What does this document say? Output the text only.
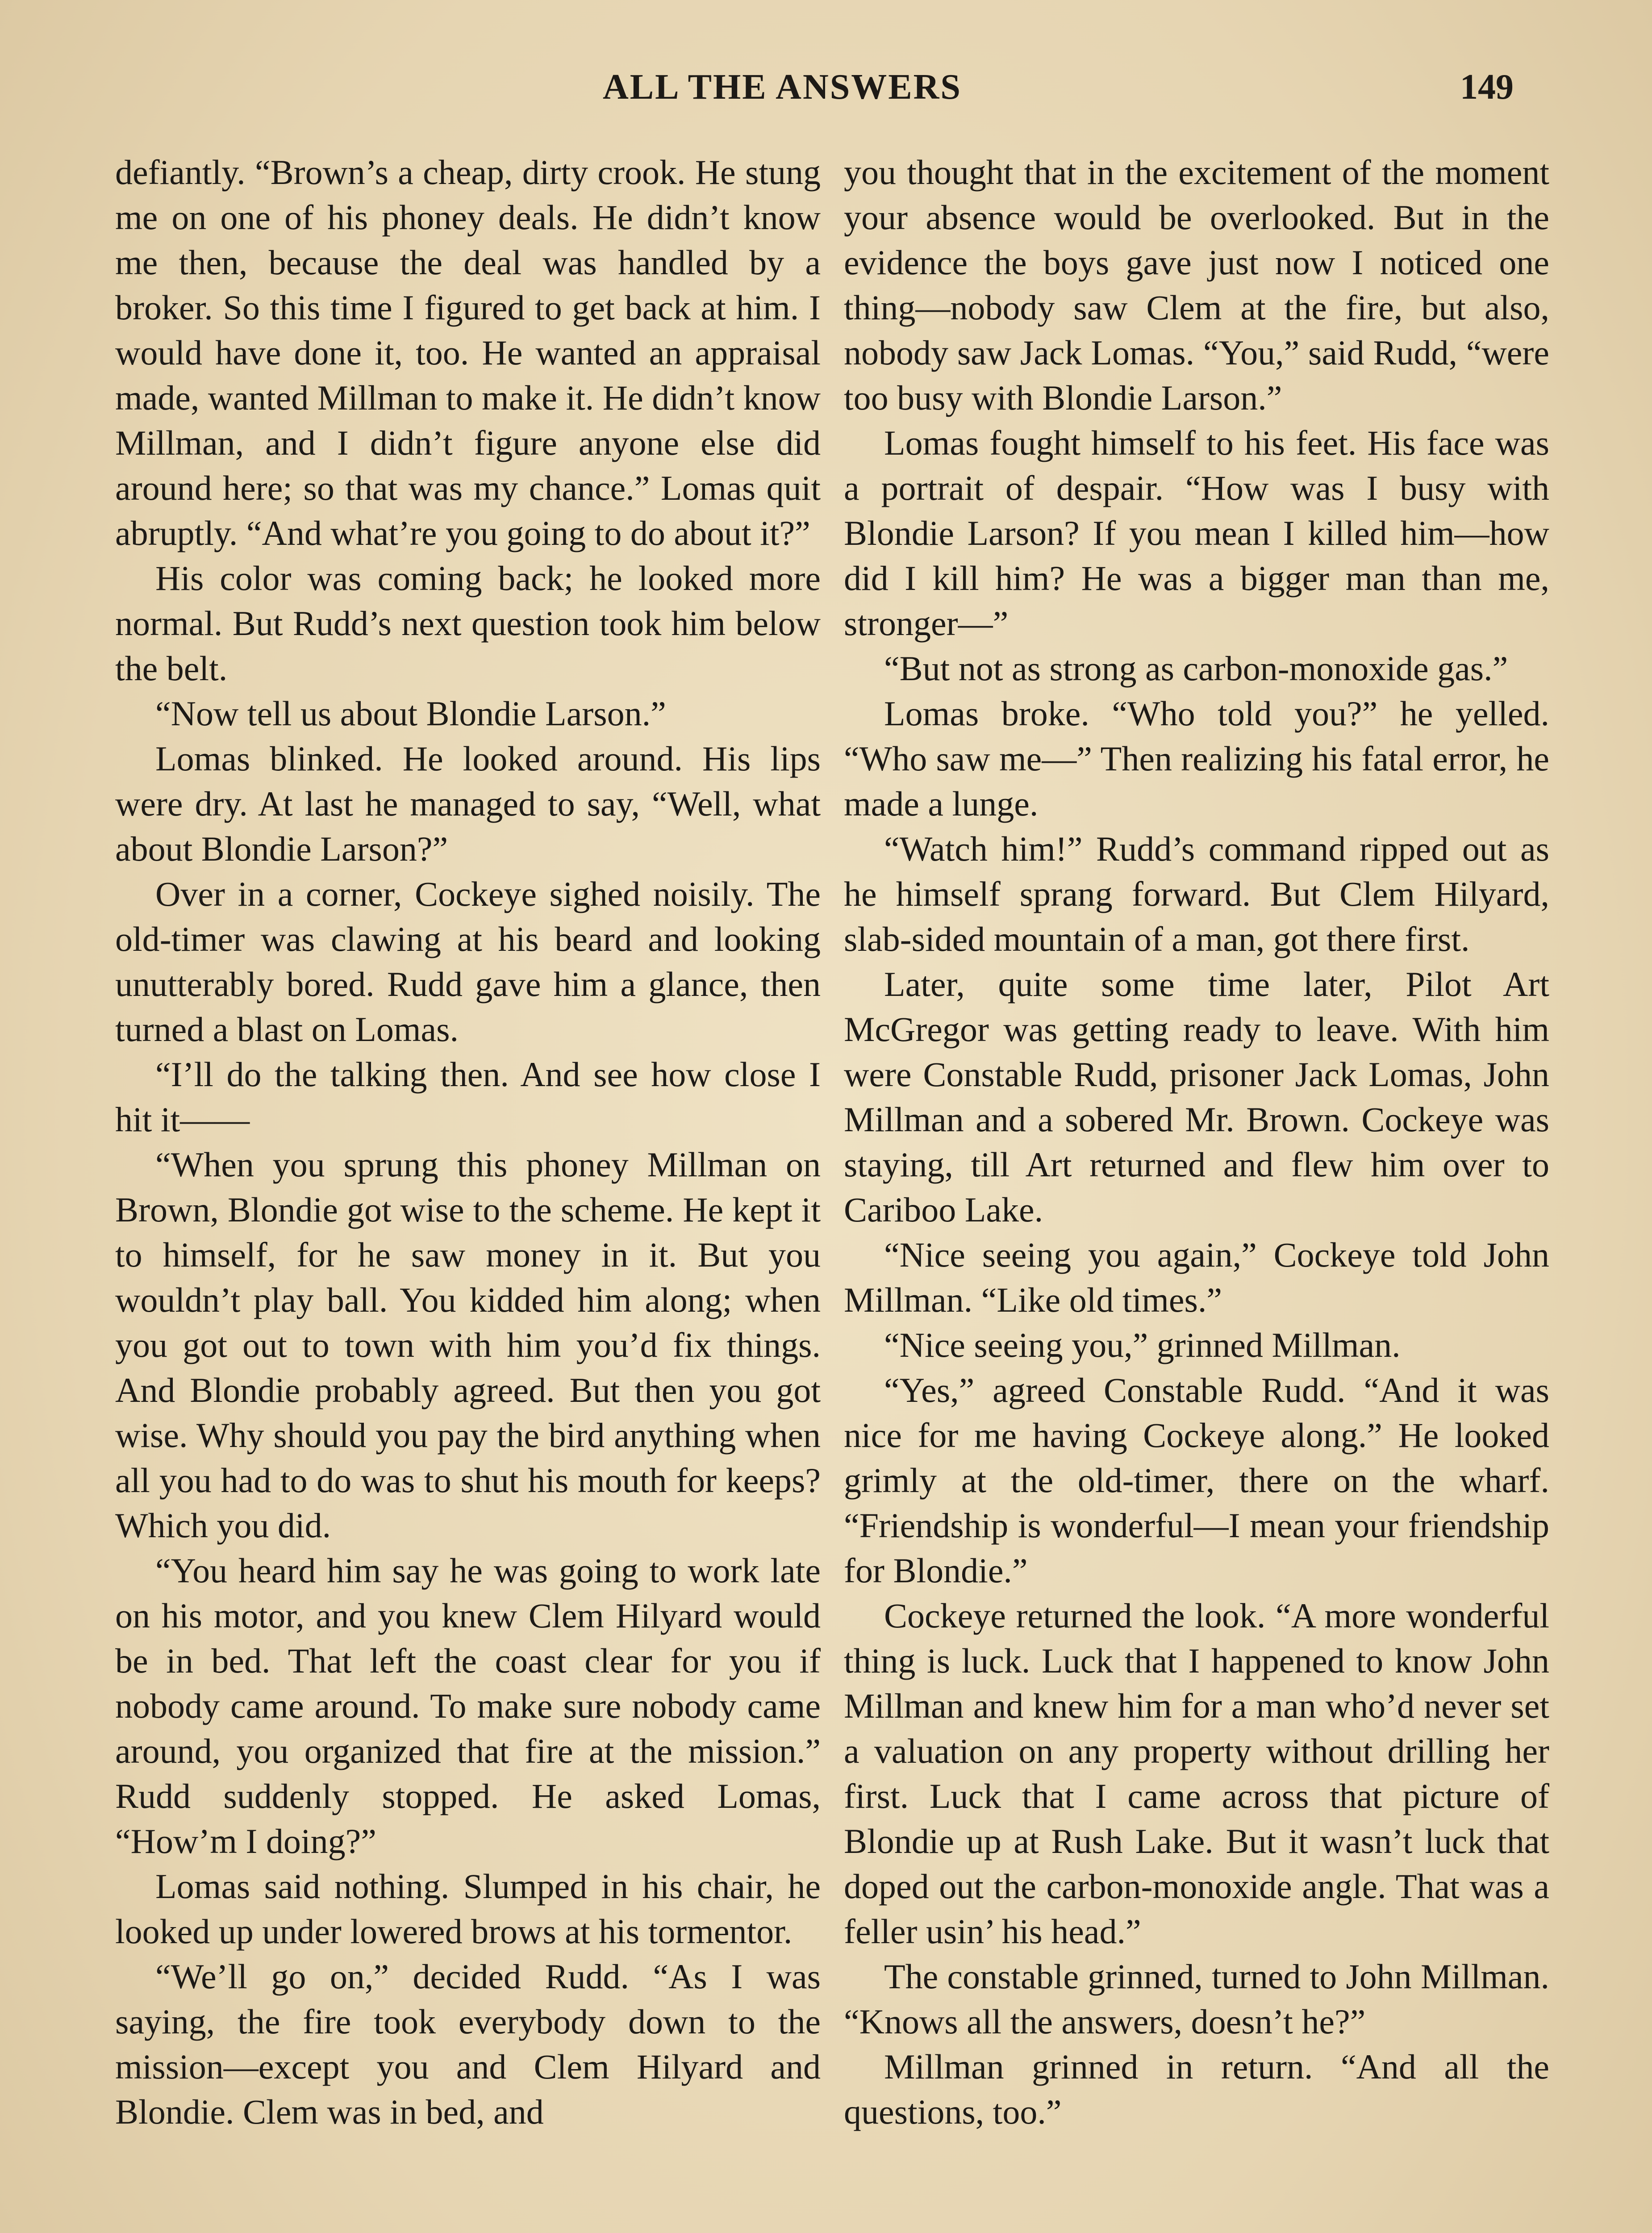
ALL THE ANSWERS	149

defiantly. “Brown’s a cheap, dirty crook. He stung me on one of his phoney deals. He didn’t know me then, because the deal was handled by a broker. So this time I figured to get back at him. I would have done it, too. He wanted an appraisal made, wanted Millman to make it. He didn’t know Millman, and I didn’t figure anyone else did around here; so that was my chance.” Lomas quit abruptly. “And what’re you going to do about it?”

His color was coming back; he looked more normal. But Rudd’s next question took him below the belt.

“Now tell us about Blondie Larson.”

Lomas blinked. He looked around. His lips were dry. At last he managed to say, “Well, what about Blondie Larson?”

Over in a corner, Cockeye sighed noisily. The old-timer was clawing at his beard and looking unutterably bored. Rudd gave him a glance, then turned a blast on Lomas.

“I’ll do the talking then. And see how close I hit it——

“When you sprung this phoney Millman on Brown, Blondie got wise to the scheme. He kept it to himself, for he saw money in it. But you wouldn’t play ball. You kidded him along; when you got out to town with him you’d fix things. And Blondie probably agreed. But then you got wise. Why should you pay the bird anything when all you had to do was to shut his mouth for keeps? Which you did.

“You heard him say he was going to work late on his motor, and you knew Clem Hilyard would be in bed. That left the coast clear for you if nobody came around. To make sure nobody came around, you organized that fire at the mission.” Rudd suddenly stopped. He asked Lomas, “How’m I doing?”

Lomas said nothing. Slumped in his chair, he looked up under lowered brows at his tormentor.

“We’ll go on,” decided Rudd. “As I was saying, the fire took everybody down to the mission—except you and Clem Hilyard and Blondie. Clem was in bed, and

you thought that in the excitement of the moment your absence would be overlooked. But in the evidence the boys gave just now I noticed one thing—nobody saw Clem at the fire, but also, nobody saw Jack Lomas. “You,” said Rudd, “were too busy with Blondie Larson.”

Lomas fought himself to his feet. His face was a portrait of despair. “How was I busy with Blondie Larson? If you mean I killed him—how did I kill him? He was a bigger man than me, stronger—”

“But not as strong as carbon-monoxide gas.”

Lomas broke. “Who told you?” he yelled. “Who saw me—” Then realizing his fatal error, he made a lunge.

“Watch him!” Rudd’s command ripped out as he himself sprang forward. But Clem Hilyard, slab-sided mountain of a man, got there first.

Later, quite some time later, Pilot Art McGregor was getting ready to leave. With him were Constable Rudd, prisoner Jack Lomas, John Millman and a sobered Mr. Brown. Cockeye was staying, till Art returned and flew him over to Cariboo Lake.

“Nice seeing you again,” Cockeye told John Millman. “Like old times.”

“Nice seeing you,” grinned Millman.

“Yes,” agreed Constable Rudd. “And it was nice for me having Cockeye along.” He looked grimly at the old-timer, there on the wharf. “Friendship is wonderful—I mean your friendship for Blondie.”

Cockeye returned the look. “A more wonderful thing is luck. Luck that I happened to know John Millman and knew him for a man who’d never set a valuation on any property without drilling her first. Luck that I came across that picture of Blondie up at Rush Lake. But it wasn’t luck that doped out the carbon-monoxide angle. That was a feller usin’ his head.”

The constable grinned, turned to John Millman. “Knows all the answers, doesn’t he?”

Millman grinned in return. “And all the questions, too.”
